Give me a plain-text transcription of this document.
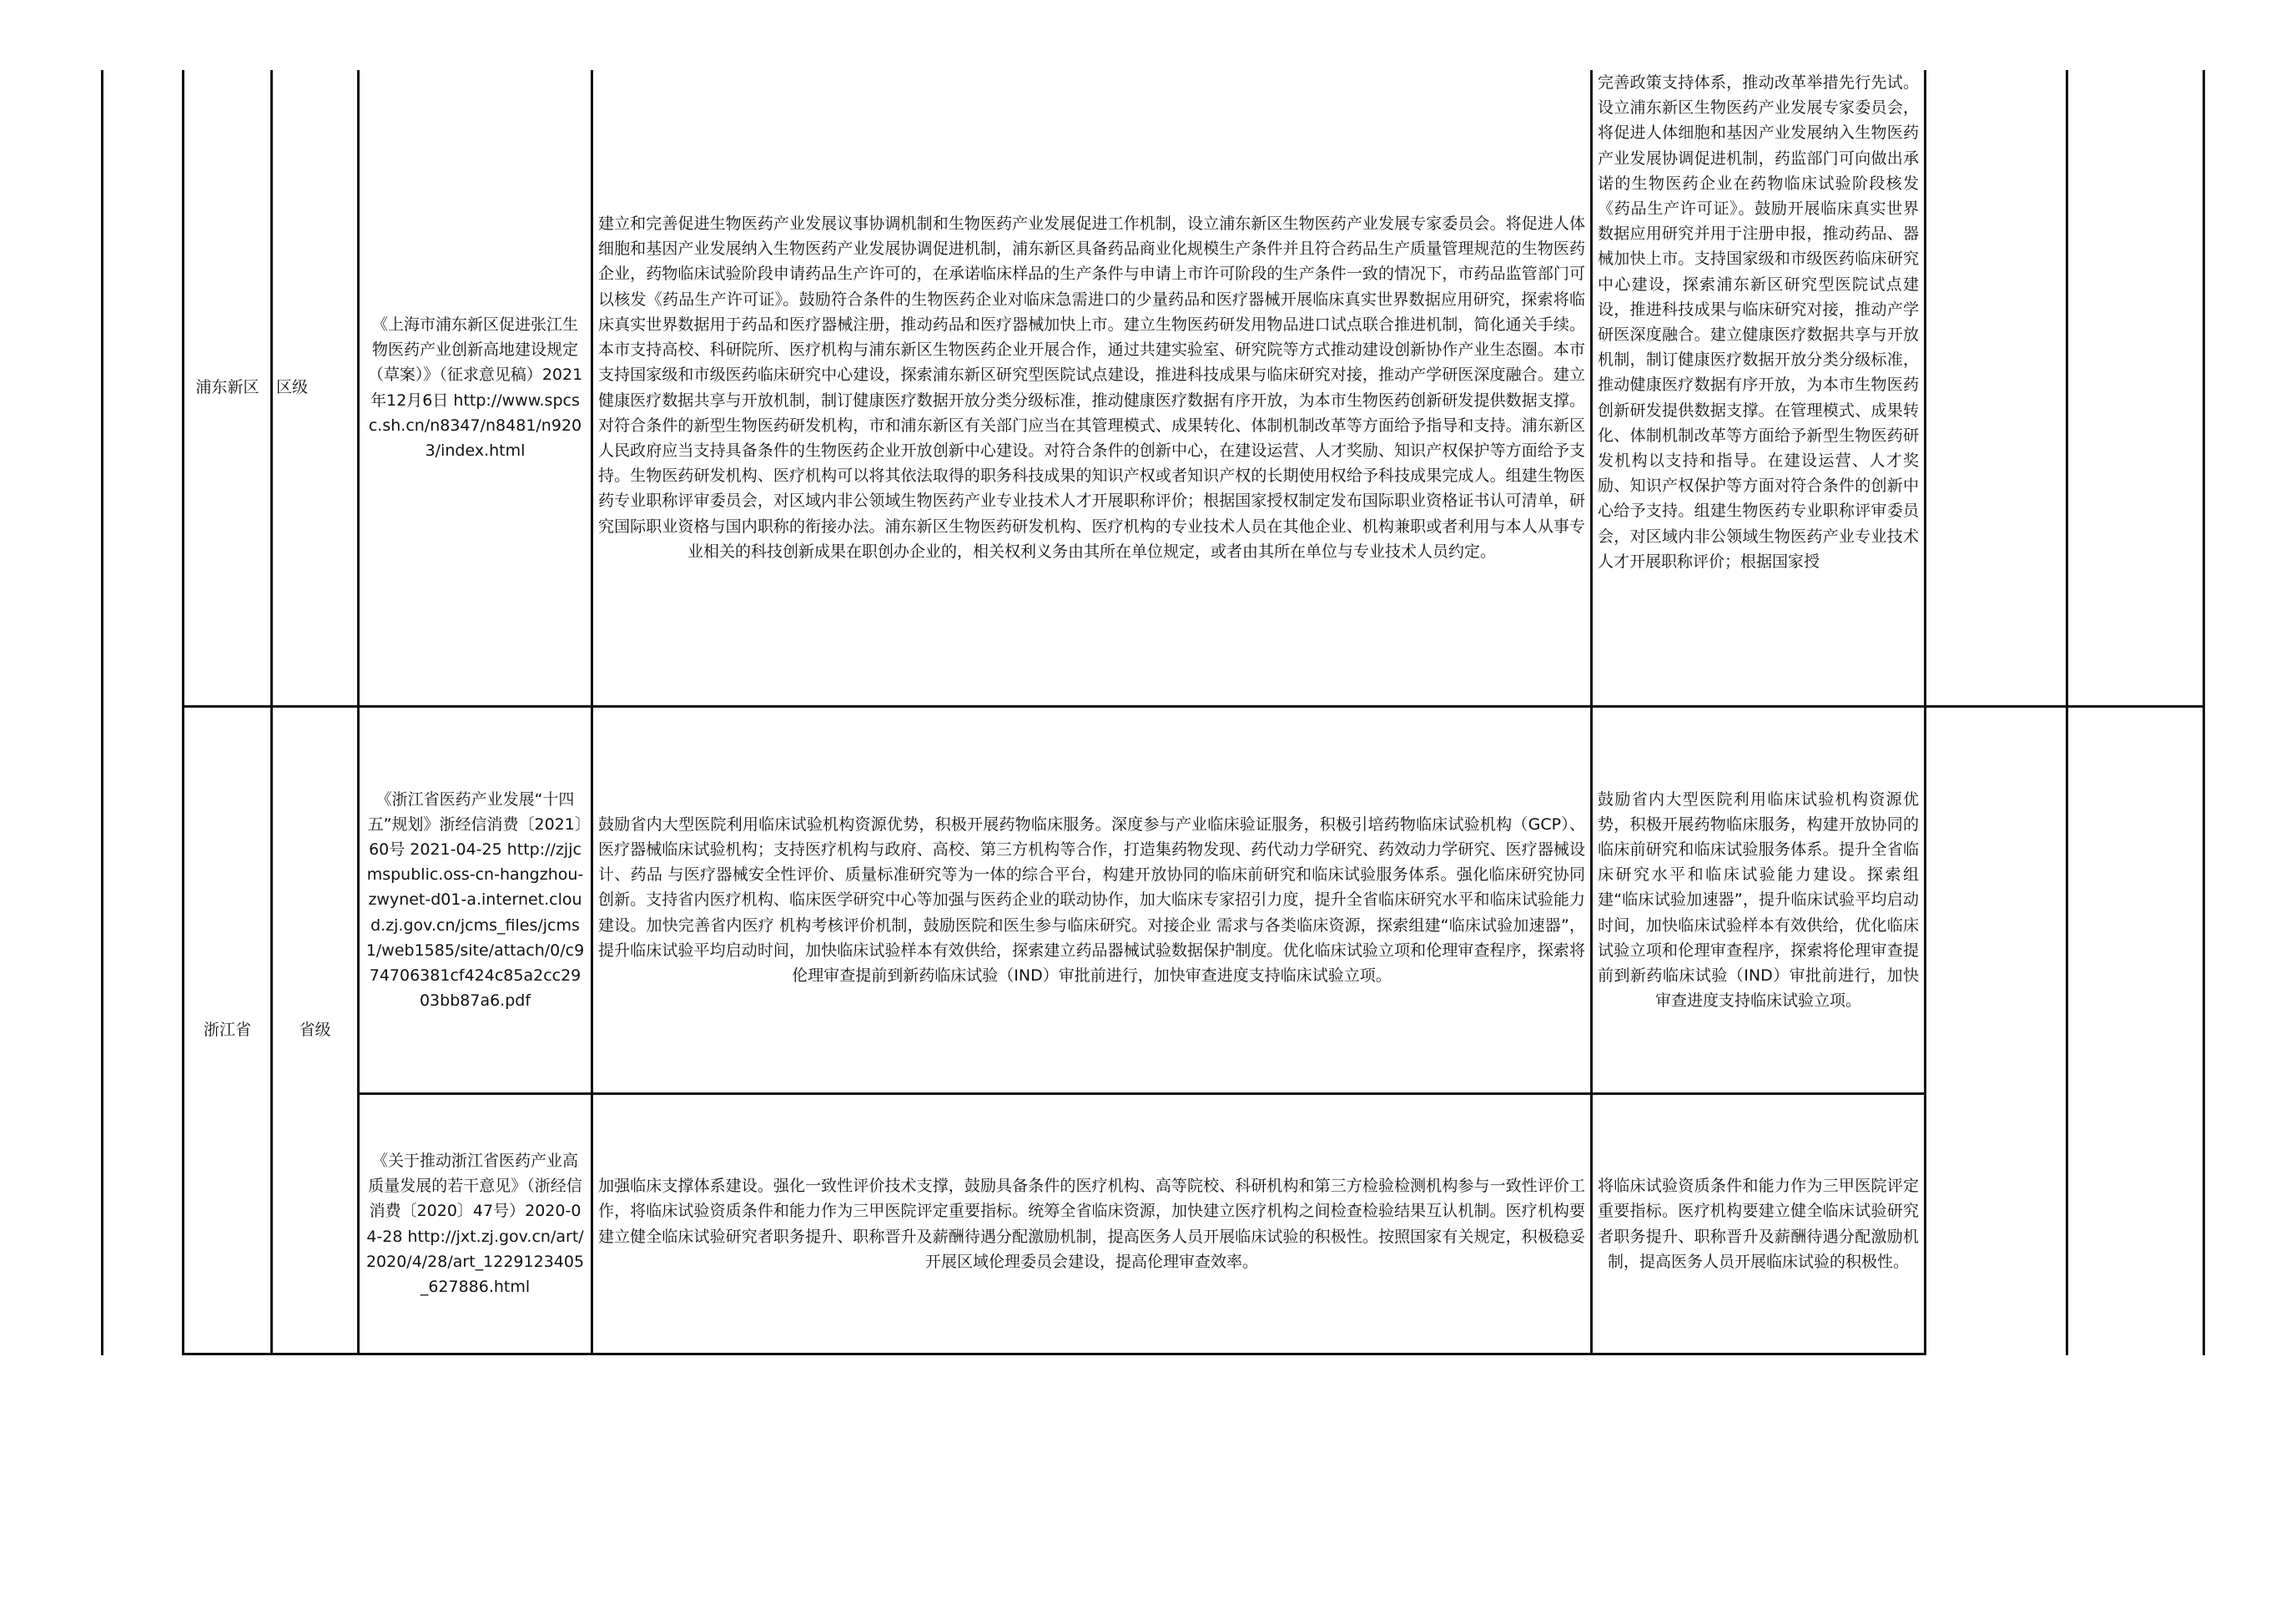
浦东新区	区级
《上海市浦东新区促进张江生物医药产业创新高地建设规定（草案）》（征求意见稿）2021年12月6日 http://www.spcsc.sh.cn/n8347/n8481/n9203/index.html
建立和完善促进生物医药产业发展议事协调机制和生物医药产业发展促进工作机制，设立浦东新区生物医药产业发展专家委员会。将促进人体细胞和基因产业发展纳入生物医药产业发展协调促进机制，浦东新区具备药品商业化规模生产条件并且符合药品生产质量管理规范的生物医药企业，药物临床试验阶段申请药品生产许可的，在承诺临床样品的生产条件与申请上市许可阶段的生产条件一致的情况下，市药品监管部门可以核发《药品生产许可证》。鼓励符合条件的生物医药企业对临床急需进口的少量药品和医疗器械开展临床真实世界数据应用研究，探索将临床真实世界数据用于药品和医疗器械注册，推动药品和医疗器械加快上市。建立生物医药研发用物品进口试点联合推进机制，简化通关手续。本市支持高校、科研院所、医疗机构与浦东新区生物医药企业开展合作，通过共建实验室、研究院等方式推动建设创新协作产业生态圈。本市支持国家级和市级医药临床研究中心建设，探索浦东新区研究型医院试点建设，推进科技成果与临床研究对接，推动产学研医深度融合。建立健康医疗数据共享与开放机制，制订健康医疗数据开放分类分级标准，推动健康医疗数据有序开放，为本市生物医药创新研发提供数据支撑。对符合条件的新型生物医药研发机构，市和浦东新区有关部门应当在其管理模式、成果转化、体制机制改革等方面给予指导和支持。浦东新区人民政府应当支持具备条件的生物医药企业开放创新中心建设。对符合条件的创新中心，在建设运营、人才奖励、知识产权保护等方面给予支持。生物医药研发机构、医疗机构可以将其依法取得的职务科技成果的知识产权或者知识产权的长期使用权给予科技成果完成人。组建生物医药专业职称评审委员会，对区域内非公领域生物医药产业专业技术人才开展职称评价；根据国家授权制定发布国际职业资格证书认可清单，研究国际职业资格与国内职称的衔接办法。浦东新区生物医药研发机构、医疗机构的专业技术人员在其他企业、机构兼职或者利用与本人从事专业相关的科技创新成果在职创办企业的，相关权利义务由其所在单位规定，或者由其所在单位与专业技术人员约定。
完善政策支持体系，推动改革举措先行先试。设立浦东新区生物医药产业发展专家委员会，将促进人体细胞和基因产业发展纳入生物医药产业发展协调促进机制，药监部门可向做出承诺的生物医药企业在药物临床试验阶段核发《药品生产许可证》。鼓励开展临床真实世界数据应用研究并用于注册申报，推动药品、器械加快上市。支持国家级和市级医药临床研究中心建设，探索浦东新区研究型医院试点建设，推进科技成果与临床研究对接，推动产学研医深度融合。建立健康医疗数据共享与开放机制，制订健康医疗数据开放分类分级标准，推动健康医疗数据有序开放，为本市生物医药创新研发提供数据支撑。在管理模式、成果转化、体制机制改革等方面给予新型生物医药研发机构以支持和指导。在建设运营、人才奖励、知识产权保护等方面对符合条件的创新中心给予支持。组建生物医药专业职称评审委员会，对区域内非公领域生物医药产业专业技术人才开展职称评价；根据国家授
浙江省	省级
《浙江省医药产业发展“十四五”规划》浙经信消费〔2021〕60号 2021-04-25 http://zjjcmspublic.oss-cn-hangzhou-zwynet-d01-a.internet.cloud.zj.gov.cn/jcms_files/jcms1/web1585/site/attach/0/c974706381cf424c85a2cc2903bb87a6.pdf
鼓励省内大型医院利用临床试验机构资源优势，积极开展药物临床服务。深度参与产业临床验证服务，积极引培药物临床试验机构（GCP）、医疗器械临床试验机构；支持医疗机构与政府、高校、第三方机构等合作，打造集药物发现、药代动力学研究、药效动力学研究、医疗器械设计、药品 与医疗器械安全性评价、质量标准研究等为一体的综合平台，构建开放协同的临床前研究和临床试验服务体系。强化临床研究协同创新。支持省内医疗机构、临床医学研究中心等加强与医药企业的联动协作，加大临床专家招引力度，提升全省临床研究水平和临床试验能力建设。加快完善省内医疗 机构考核评价机制，鼓励医院和医生参与临床研究。对接企业 需求与各类临床资源，探索组建“临床试验加速器”，提升临床试验平均启动时间，加快临床试验样本有效供给，探索建立药品器械试验数据保护制度。优化临床试验立项和伦理审查程序，探索将伦理审查提前到新药临床试验（IND）审批前进行，加快审查进度支持临床试验立项。
鼓励省内大型医院利用临床试验机构资源优势，积极开展药物临床服务，构建开放协同的临床前研究和临床试验服务体系。提升全省临床研究水平和临床试验能力建设。探索组建“临床试验加速器”，提升临床试验平均启动时间，加快临床试验样本有效供给，优化临床试验立项和伦理审查程序，探索将伦理审查提前到新药临床试验（IND）审批前进行，加快审查进度支持临床试验立项。
《关于推动浙江省医药产业高质量发展的若干意见》（浙经信消费〔2020〕47号）2020-04-28 http://jxt.zj.gov.cn/art/2020/4/28/art_1229123405_627886.html
加强临床支撑体系建设。强化一致性评价技术支撑，鼓励具备条件的医疗机构、高等院校、科研机构和第三方检验检测机构参与一致性评价工作，将临床试验资质条件和能力作为三甲医院评定重要指标。统筹全省临床资源，加快建立医疗机构之间检查检验结果互认机制。医疗机构要建立健全临床试验研究者职务提升、职称晋升及薪酬待遇分配激励机制，提高医务人员开展临床试验的积极性。按照国家有关规定，积极稳妥开展区域伦理委员会建设，提高伦理审查效率。
将临床试验资质条件和能力作为三甲医院评定重要指标。医疗机构要建立健全临床试验研究者职务提升、职称晋升及薪酬待遇分配激励机制，提高医务人员开展临床试验的积极性。
